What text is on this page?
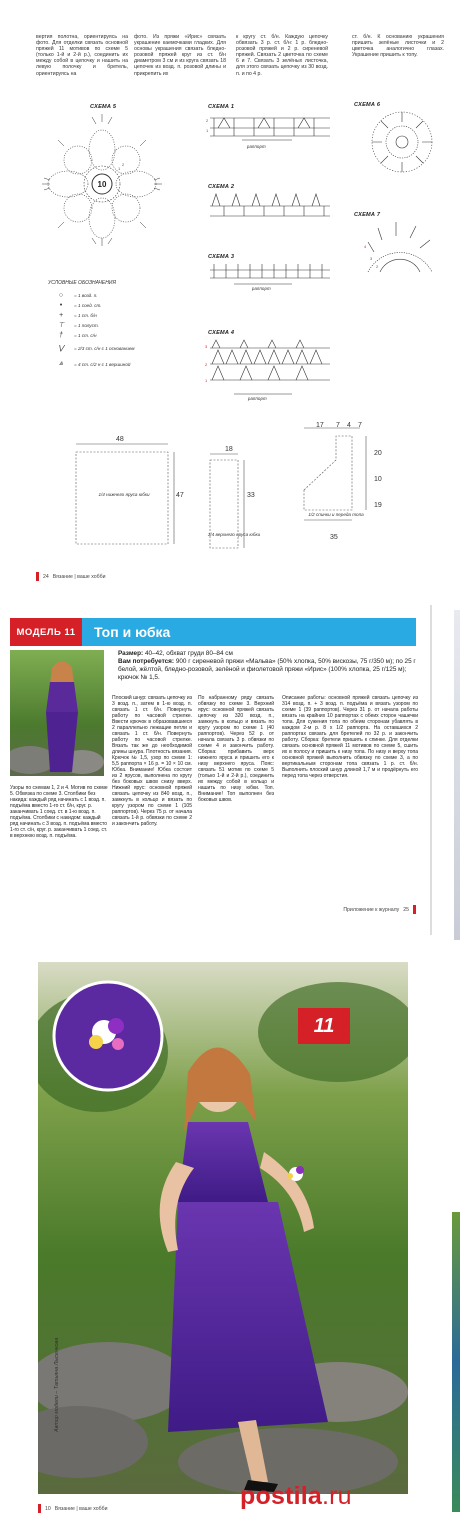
вертия полотна, ориентируясь на фото. Для отделки связать основной пряжей 11 мотивов по схеме 5 (только 1-й и 2-й р.), соединить их между собой в цепочку и нашить на левую полочку и бретель, ориентируясь на
фото. Из пряжи «Ирис» связать украшение каемочками гладких. Для основы украшения связать бледно-розовой пряжей круг из ст. б/н диаметром 3 см и из круга связать 18 цепочек из возд. п. розовой длины и прикрепить их
к кругу ст. б/н. Каждую цепочку обвязать 3 р. ст. б/н: 1 р. бледно-розовой пряжей и 2 р. сиреневой пряжей. Связать 2 цветочка по схеме 6 и 7. Связать 3 зелёных листочка, для этого связать цепочку из 30 возд. п. и по 4 р.
ст. б/н. К основанию украшения пришить зелёные листочки и 2 цветочка аналогично глазах. Украшение пришить к топу.
СХЕМА 5
10
1
2
СХЕМА 1
2
1
раппорт
СХЕМА 2
СХЕМА 3
раппорт
СХЕМА 4
3
2
1
раппорт
СХЕМА 6
СХЕМА 7
4
3
2
УСЛОВНЫЕ ОБОЗНАЧЕНИЯ
○	= 1 возд. п.
•	= 1 соед. ст.
+	= 1 ст. б/н
⊤	= 1 полуст.
†	= 1 ст. с/н
⋁	= 2/3 ст. с/н с 1 основанием
⩓	= 4 ст. с/2 н с 1 вершиной
48
47
18
33
17 7 4 7
20
10
19
35
1/4 нижнего яруса юбки
1/4 верхнего яруса юбки
1/2 спинки и переда топа
24 Вязание | ваше хобби
МОДЕЛЬ 11	Топ и юбка

Размер: 40–42, обхват груди 80–84 см

Вам потребуется: 900 г сиреневой пряжи «Мальва» (50% хлопка, 50% вискозы, 75 г/350 м); по 25 г белой, жёлтой, бледно-розовой, зелёной и фиолетовой пряжи «Ирис» (100% хлопка, 25 г/125 м); крючок № 1,5.

Узоры по схемам 1, 2 и 4. Мотив по схеме 5. Обвязка по схеме 3. Столбики без накида: каждый ряд начинать с 1 возд. п. подъёма вместо 1-го ст. б/н, круг. р. заканчивать 1 соед. ст. в 1-ю возд. п. подъёма. Столбики с накидом: каждый ряд начинать с 3 возд. п. подъёма вместо 1-го ст. с/н, круг. р. заканчивать 1 соед. ст. в верхнюю возд. п. подъёма.
Плоский шнур: связать цепочку из 3 возд. п., затем в 1-ю возд. п. связать 1 ст. б/н. Повернуть работу по часовой стрелке. Ввести крючок в образовавшиеся 2 параллельно лежащие петли и связать 1 ст. б/н. Повернуть работу по часовой стрелке. Вязать так же до необходимой длины шнура. Плотность вязания. Крючок № 1,5, узор по схеме 1: 5,5 раппорта × 16 р. = 10 × 10 см. Юбка. Внимание! Юбка состоит из 2 ярусов, выполнена по кругу без боковых швов снизу вверх. Нижний ярус: основной пряжей связать цепочку из 840 возд. п., замкнуть в кольцо и вязать по кругу узором по схеме 1 (105 раппортов). Через 75 р. от начала связать 1-й р. обвязки по схеме 2 и закончить работу.
По набранному ряду связать обвязку по схеме 3. Верхний ярус: основной пряжей связать цепочку из 320 возд. п., замкнуть в кольцо и вязать по кругу узором по схеме 1 (40 раппортов). Через 52 р. от начала связать 3 р. обвязки по схеме 4 и закончить работу. Сборка: прибавить верх нижнего яруса и пришить его к низу верхнего яруса. Пояс: связать 51 мотив по схеме 5 (только 1-й и 2-й р.), соединить их между собой в кольцо и нашить по низу юбки. Топ. Внимание! Топ выполнен без боковых швов.
Описание работы: основной пряжей связать цепочку из 314 возд. п. + 3 возд. п. подъёма и вязать узором по схеме 1 (39 раппортов). Через 31 р. от начала работы вязать на крайних 10 раппортах с обеих сторон чашечки топа. Для сужения топа по обеим сторонам убавлять в каждом 2-м р. 8 х 1/2 раппорта. На оставшихся 2 раппортах связать для бретелей по 32 р. и закончить работу. Сборка: бретели пришить к спинке. Для отделки связать основной пряжей 11 мотивов по схеме 5, сшить их в полосу и пришить к низу топа. По низу и верху топа основной пряжей выполнить обвязку по схеме 3, а по вертикальным сторонам топа связать 1 р. ст. б/н. Выполнить плоский шнур длиной 1,7 м и продёрнуть его перед топа через отверстия.
Приложение к журналу 25
11
Автор модели – Татьяна Лысенкова
10 Вязание | ваше хобби	postila.ru
